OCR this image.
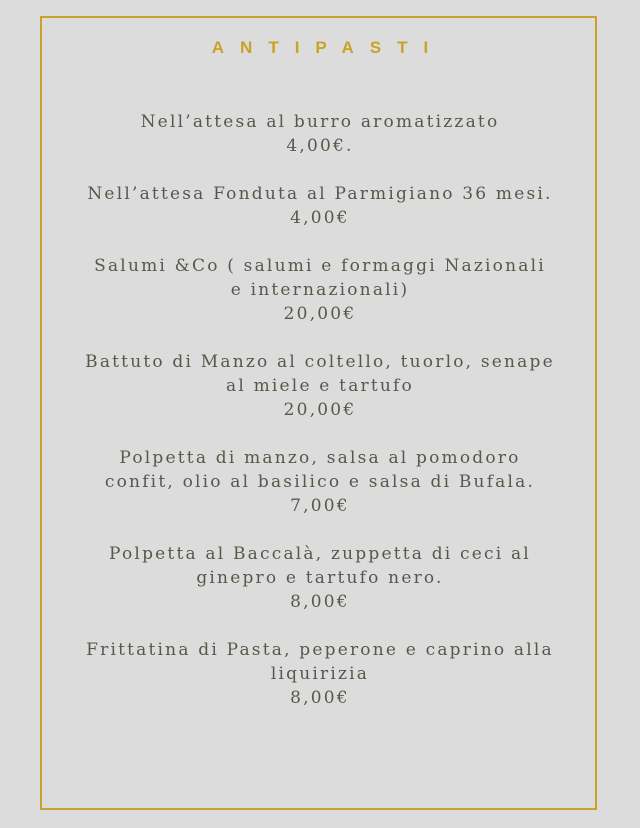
ANTIPASTI
Nell’attesa al burro aromatizzato
4,00€.
Nell’attesa Fonduta al Parmigiano 36 mesi.
4,00€
Salumi &Co ( salumi e formaggi Nazionali e internazionali)
20,00€
Battuto di Manzo al coltello, tuorlo, senape al miele e tartufo
20,00€
Polpetta di manzo, salsa al pomodoro confit, olio al basilico e salsa di Bufala.
7,00€
Polpetta al Baccalà, zuppetta di ceci al ginepro e tartufo nero.
8,00€
Frittatina di Pasta, peperone e caprino alla liquirizia
8,00€
